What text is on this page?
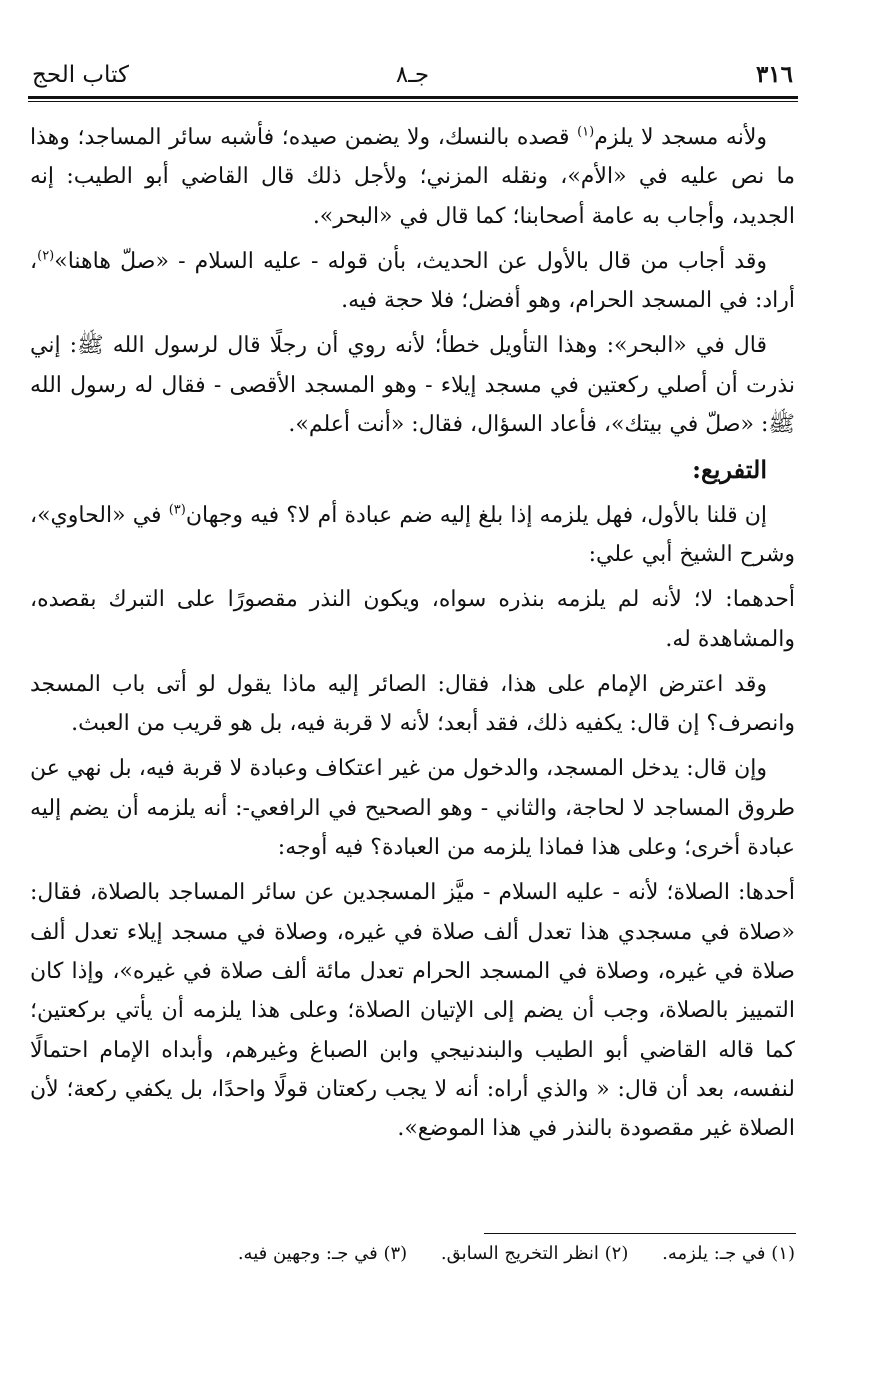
٣١٦
جـ٨
كتاب الحج

ولأنه مسجد لا يلزم$^{(١)}$ قصده بالنسك، ولا يضمن صيده؛ فأشبه سائر المساجد؛ وهذا ما نص عليه في «الأم»، ونقله المزني؛ ولأجل ذلك قال القاضي أبو الطيب: إنه الجديد، وأجاب به عامة أصحابنا؛ كما قال في «البحر».

وقد أجاب من قال بالأول عن الحديث، بأن قوله - عليه السلام - «صلّ هاهنا»$^{(٢)}$، أراد: في المسجد الحرام، وهو أفضل؛ فلا حجة فيه.

قال في «البحر»: وهذا التأويل خطأ؛ لأنه روي أن رجلًا قال لرسول الله ﷺ: إني نذرت أن أصلي ركعتين في مسجد إيلاء - وهو المسجد الأقصى - فقال له رسول الله ﷺ: «صلّ في بيتك»، فأعاد السؤال، فقال: «أنت أعلم».

التفريع:

إن قلنا بالأول، فهل يلزمه إذا بلغ إليه ضم عبادة أم لا؟ فيه وجهان$^{(٣)}$ في «الحاوي»، وشرح الشيخ أبي علي:

أحدهما: لا؛ لأنه لم يلزمه بنذره سواه، ويكون النذر مقصورًا على التبرك بقصده، والمشاهدة له.

وقد اعترض الإمام على هذا، فقال: الصائر إليه ماذا يقول لو أتى باب المسجد وانصرف؟ إن قال: يكفيه ذلك، فقد أبعد؛ لأنه لا قربة فيه، بل هو قريب من العبث.

وإن قال: يدخل المسجد، والدخول من غير اعتكاف وعبادة لا قربة فيه، بل نهي عن طروق المساجد لا لحاجة، والثاني - وهو الصحيح في الرافعي-: أنه يلزمه أن يضم إليه عبادة أخرى؛ وعلى هذا فماذا يلزمه من العبادة؟ فيه أوجه:

أحدها: الصلاة؛ لأنه - عليه السلام - ميَّز المسجدين عن سائر المساجد بالصلاة، فقال: «صلاة في مسجدي هذا تعدل ألف صلاة في غيره، وصلاة في مسجد إيلاء تعدل ألف صلاة في غيره، وصلاة في المسجد الحرام تعدل مائة ألف صلاة في غيره»، وإذا كان التمييز بالصلاة، وجب أن يضم إلى الإتيان الصلاة؛ وعلى هذا يلزمه أن يأتي بركعتين؛ كما قاله القاضي أبو الطيب والبندنيجي وابن الصباغ وغيرهم، وأبداه الإمام احتمالًا لنفسه، بعد أن قال: « والذي أراه: أنه لا يجب ركعتان قولًا واحدًا، بل يكفي ركعة؛ لأن الصلاة غير مقصودة بالنذر في هذا الموضع».

(١) في جـ: يلزمه. (٢) انظر التخريج السابق. (٣) في جـ: وجهين فيه.
